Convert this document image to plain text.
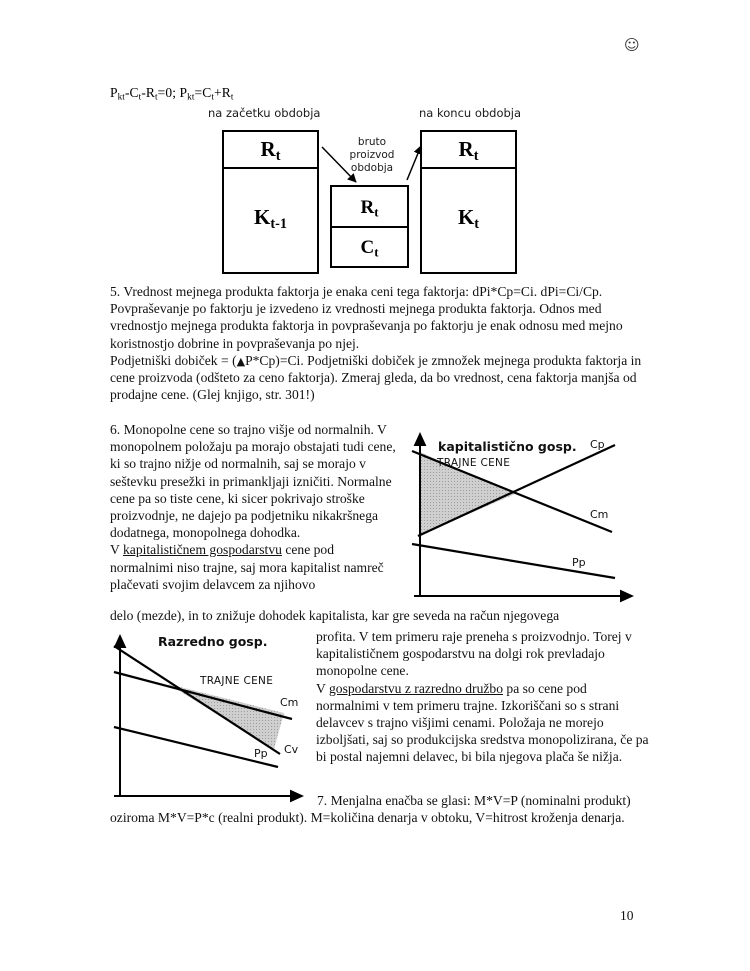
☺
$P_{kt}-C_t-R_t=0$; $P_{kt}=C_t+R_t$
na začetku obdobja	na koncu obdobja
$R_t$
$K_{t-1}$
$R_t$
$C_t$
$R_t$
$K_t$
bruto
proizvod
obdobja
5. Vrednost mejnega produkta faktorja je enaka ceni tega faktorja: dPi*Cp=Ci. dPi=Ci/Cp. Povpraševanje po faktorju je izvedeno iz vrednosti mejnega produkta faktorja. Odnos med vrednostjo mejnega produkta faktorja in povpraševanja po faktorju je enak odnosu med mejno koristnostjo dobrine in povpraševanja po njej.
Podjetniški dobiček = (▲P*Cp)=Ci. Podjetniški dobiček je zmnožek mejnega produkta faktorja in cene proizvoda (odšteto za ceno faktorja). Zmeraj gleda, da bo vrednost, cena faktorja manjša od prodajne cene. (Glej knjigo, str. 301!)
6. Monopolne cene so trajno višje od normalnih. V monopolnem položaju pa morajo obstajati tudi cene, ki so trajno nižje od normalnih, saj se morajo v seštevku presežki in primankljaji izničiti. Normalne cene pa so tiste cene, ki sicer pokrivajo stroške proizvodnje, ne dajejo pa podjetniku nikakršnega dodatnega, monopolnega dohodka.
V kapitalističnem gospodarstvu cene pod normalnimi niso trajne, saj mora kapitalist namreč plačevati svojim delavcem za njihovo
delo (mezde), in to znižuje dohodek kapitalista, kar gre seveda na račun njegovega
profita. V tem primeru raje preneha s proizvodnjo. Torej v kapitalističnem gospodarstvu na dolgi rok prevladajo monopolne cene.
V gospodarstvu z razredno družbo pa so cene pod normalnimi v tem primeru trajne. Izkoriščani so s strani delavcev s trajno višjimi cenami. Položaja ne morejo izboljšati, saj so produkcijska sredstva monopolizirana, če pa bi postal najemni delavec, bi bila njegova plača še nižja.
7. Menjalna enačba se glasi: M*V=P (nominalni produkt) oziroma M*V=P*c (realni produkt). M=količina denarja v obtoku, V=hitrost kroženja denarja.
kapitalistično gosp.
TRAJNE CENE
Cp
Cm
Pp
Razredno gosp.
TRAJNE CENE
Cm
Cv
Pp
10
